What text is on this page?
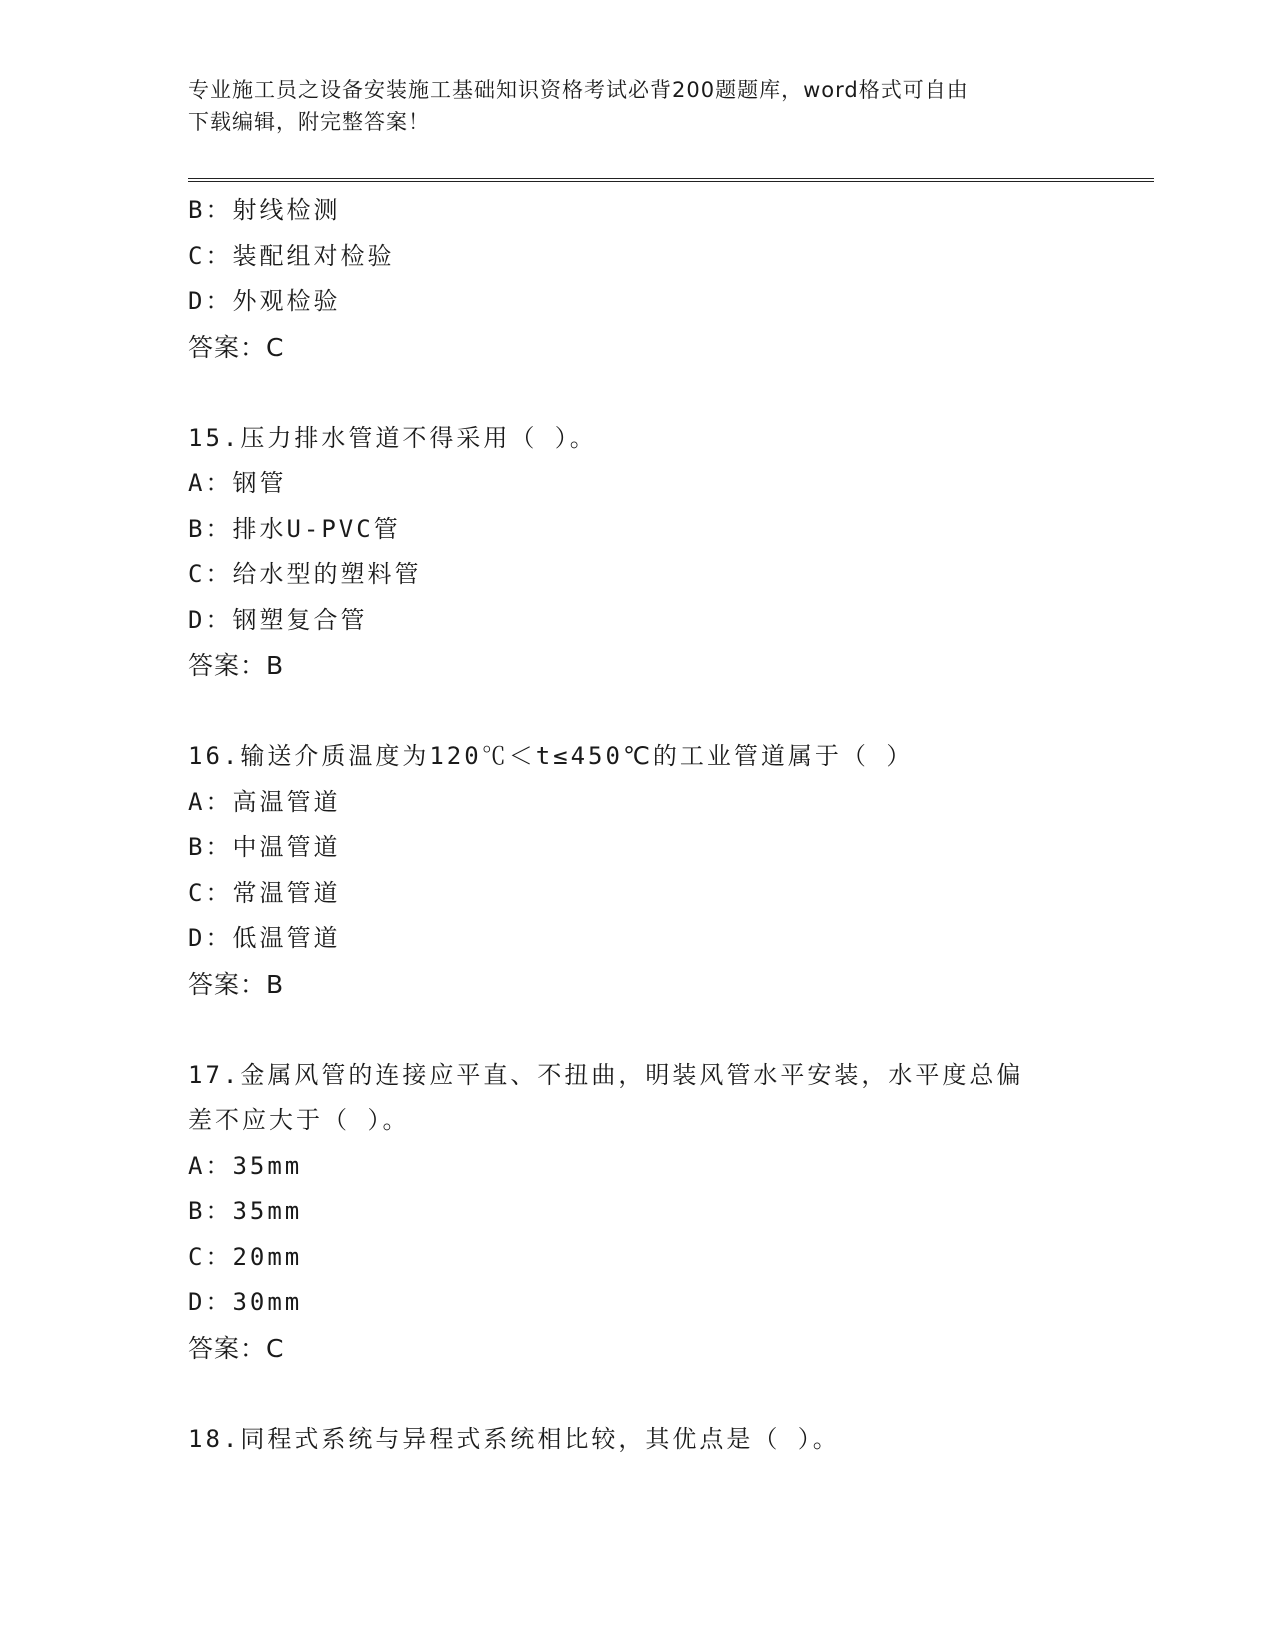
专业施工员之设备安装施工基础知识资格考试必背200题题库，word格式可自由
下载编辑，附完整答案！
B：射线检测
C：装配组对检验
D：外观检验
答案：C
15.压力排水管道不得采用（ ）。
A：钢管
B：排水U-PVC管
C：给水型的塑料管
D：钢塑复合管
答案：B
16.输送介质温度为120℃＜t≤450℃的工业管道属于（ ）
A：高温管道
B：中温管道
C：常温管道
D：低温管道
答案：B
17.金属风管的连接应平直、不扭曲，明装风管水平安装，水平度总偏
差不应大于（ ）。
A：35mm
B：35mm
C：20mm
D：30mm
答案：C
18.同程式系统与异程式系统相比较，其优点是（ ）。
